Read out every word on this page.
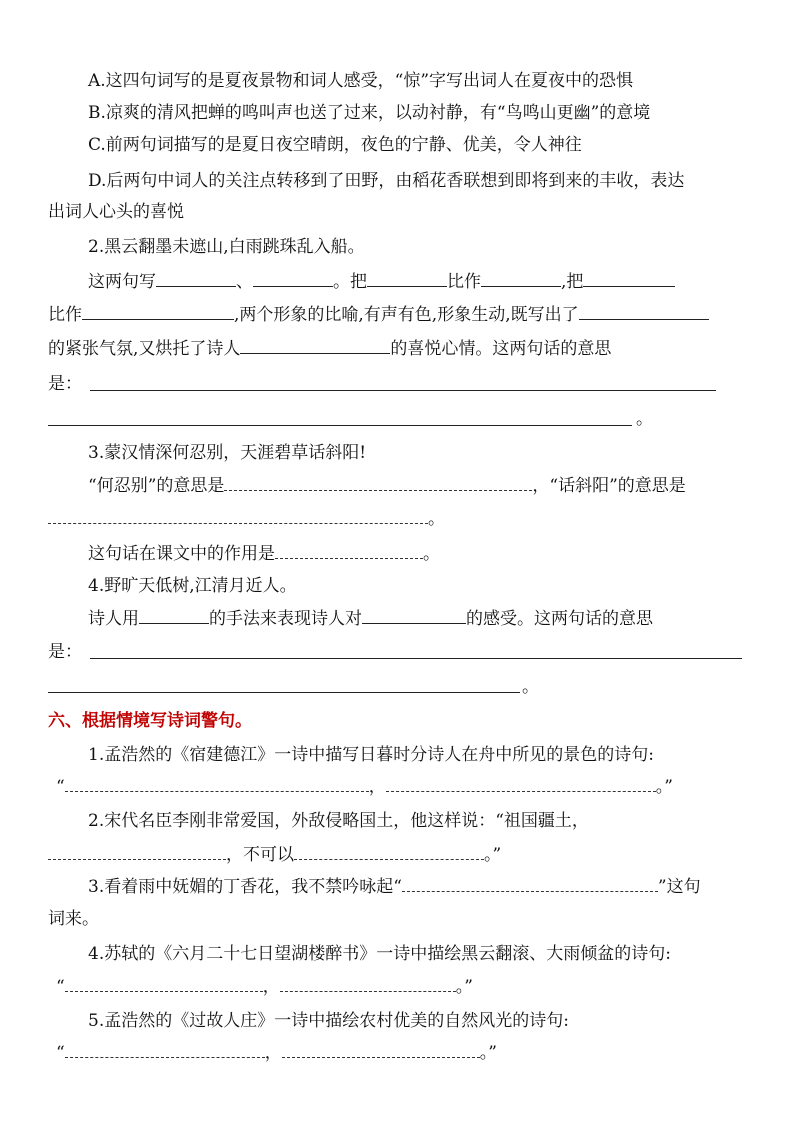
A.这四句词写的是夏夜景物和词人感受，“惊”字写出词人在夏夜中的恐惧
B.凉爽的清风把蝉的鸣叫声也送了过来，以动衬静，有“鸟鸣山更幽”的意境
C.前两句词描写的是夏日夜空晴朗，夜色的宁静、优美，令人神往
D.后两句中词人的关注点转移到了田野，由稻花香联想到即将到来的丰收，表达
出词人心头的喜悦
2.黑云翻墨未遮山,白雨跳珠乱入船。
这两句写	、	。把	比作	,把
比作	,两个形象的比喻,有声有色,形象生动,既写出了
的紧张气氛,又烘托了诗人	的喜悦心情。这两句话的意思
是：
。
3.蒙汉情深何忍别，天涯碧草话斜阳!
“何忍别”的意思是	，“话斜阳”的意思是
。
这句话在课文中的作用是	。
4.野旷天低树,江清月近人。
诗人用	的手法来表现诗人对	的感受。这两句话的意思
是：
。
六、根据情境写诗词警句。
1.孟浩然的《宿建德江》一诗中描写日暮时分诗人在舟中所见的景色的诗句:
“	，	。”
2.宋代名臣李刚非常爱国，外敌侵略国土，他这样说：“祖国疆土，
，不可以	。”
3.看着雨中妩媚的丁香花，我不禁吟咏起“	”这句
词来。
4.苏轼的《六月二十七日望湖楼醉书》一诗中描绘黑云翻滚、大雨倾盆的诗句:
“	，	。”
5.孟浩然的《过故人庄》一诗中描绘农村优美的自然风光的诗句:
“	，	。”
